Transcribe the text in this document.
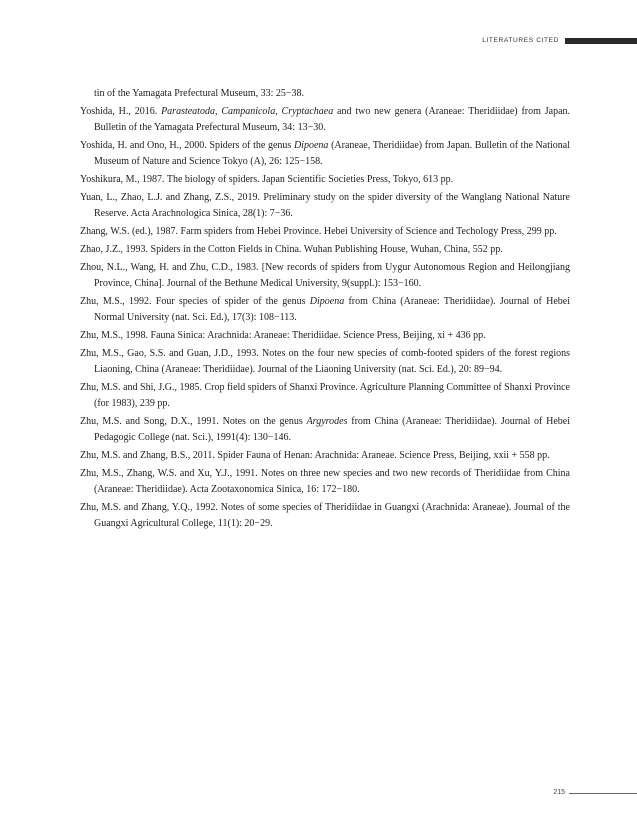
LITERATURES CITED

tin of the Yamagata Prefectural Museum, 33: 25−38.

Yoshida, H., 2016. Parasteatoda, Campanicola, Cryptachaea and two new genera (Araneae: Theridiidae) from Japan. Bulletin of the Yamagata Prefectural Museum, 34: 13−30.

Yoshida, H. and Ono, H., 2000. Spiders of the genus Dipoena (Araneae, Theridiidae) from Japan. Bulletin of the National Museum of Nature and Science Tokyo (A), 26: 125−158.

Yoshikura, M., 1987. The biology of spiders. Japan Scientific Societies Press, Tokyo, 613 pp.

Yuan, L., Zhao, L.J. and Zhang, Z.S., 2019. Preliminary study on the spider diversity of the Wanglang National Nature Reserve. Acta Arachnologica Sinica, 28(1): 7−36.

Zhang, W.S. (ed.), 1987. Farm spiders from Hebei Province. Hebei University of Science and Techology Press, 299 pp.

Zhao, J.Z., 1993. Spiders in the Cotton Fields in China. Wuhan Publishing House, Wuhan, China, 552 pp.

Zhou, N.L., Wang, H. and Zhu, C.D., 1983. [New records of spiders from Uygur Autonomous Region and Heilongjiang Province, China]. Journal of the Bethune Medical University, 9(suppl.): 153−160.

Zhu, M.S., 1992. Four species of spider of the genus Dipoena from China (Araneae: Theridiidae). Journal of Hebei Normal University (nat. Sci. Ed.), 17(3): 108−113.

Zhu, M.S., 1998. Fauna Sinica: Arachnida: Araneae: Theridiidae. Science Press, Beijing, xi + 436 pp.

Zhu, M.S., Gao, S.S. and Guan, J.D., 1993. Notes on the four new species of comb-footed spiders of the forest regions Liaoning, China (Araneae: Theridiidae). Journal of the Liaoning University (nat. Sci. Ed.), 20: 89−94.

Zhu, M.S. and Shi, J.G., 1985. Crop field spiders of Shanxi Province. Agriculture Planning Committee of Shanxi Province (for 1983), 239 pp.

Zhu, M.S. and Song, D.X., 1991. Notes on the genus Argyrodes from China (Araneae: Theridiidae). Journal of Hebei Pedagogic College (nat. Sci.), 1991(4): 130−146.

Zhu, M.S. and Zhang, B.S., 2011. Spider Fauna of Henan: Arachnida: Araneae. Science Press, Beijing, xxii + 558 pp.

Zhu, M.S., Zhang, W.S. and Xu, Y.J., 1991. Notes on three new species and two new records of Theridiidae from China (Araneae: Theridiidae). Acta Zootaxonomica Sinica, 16: 172−180.

Zhu, M.S. and Zhang, Y.Q., 1992. Notes of some species of Theridiidae in Guangxi (Arachnida: Araneae). Journal of the Guangxi Agricultural College, 11(1): 20−29.

215
